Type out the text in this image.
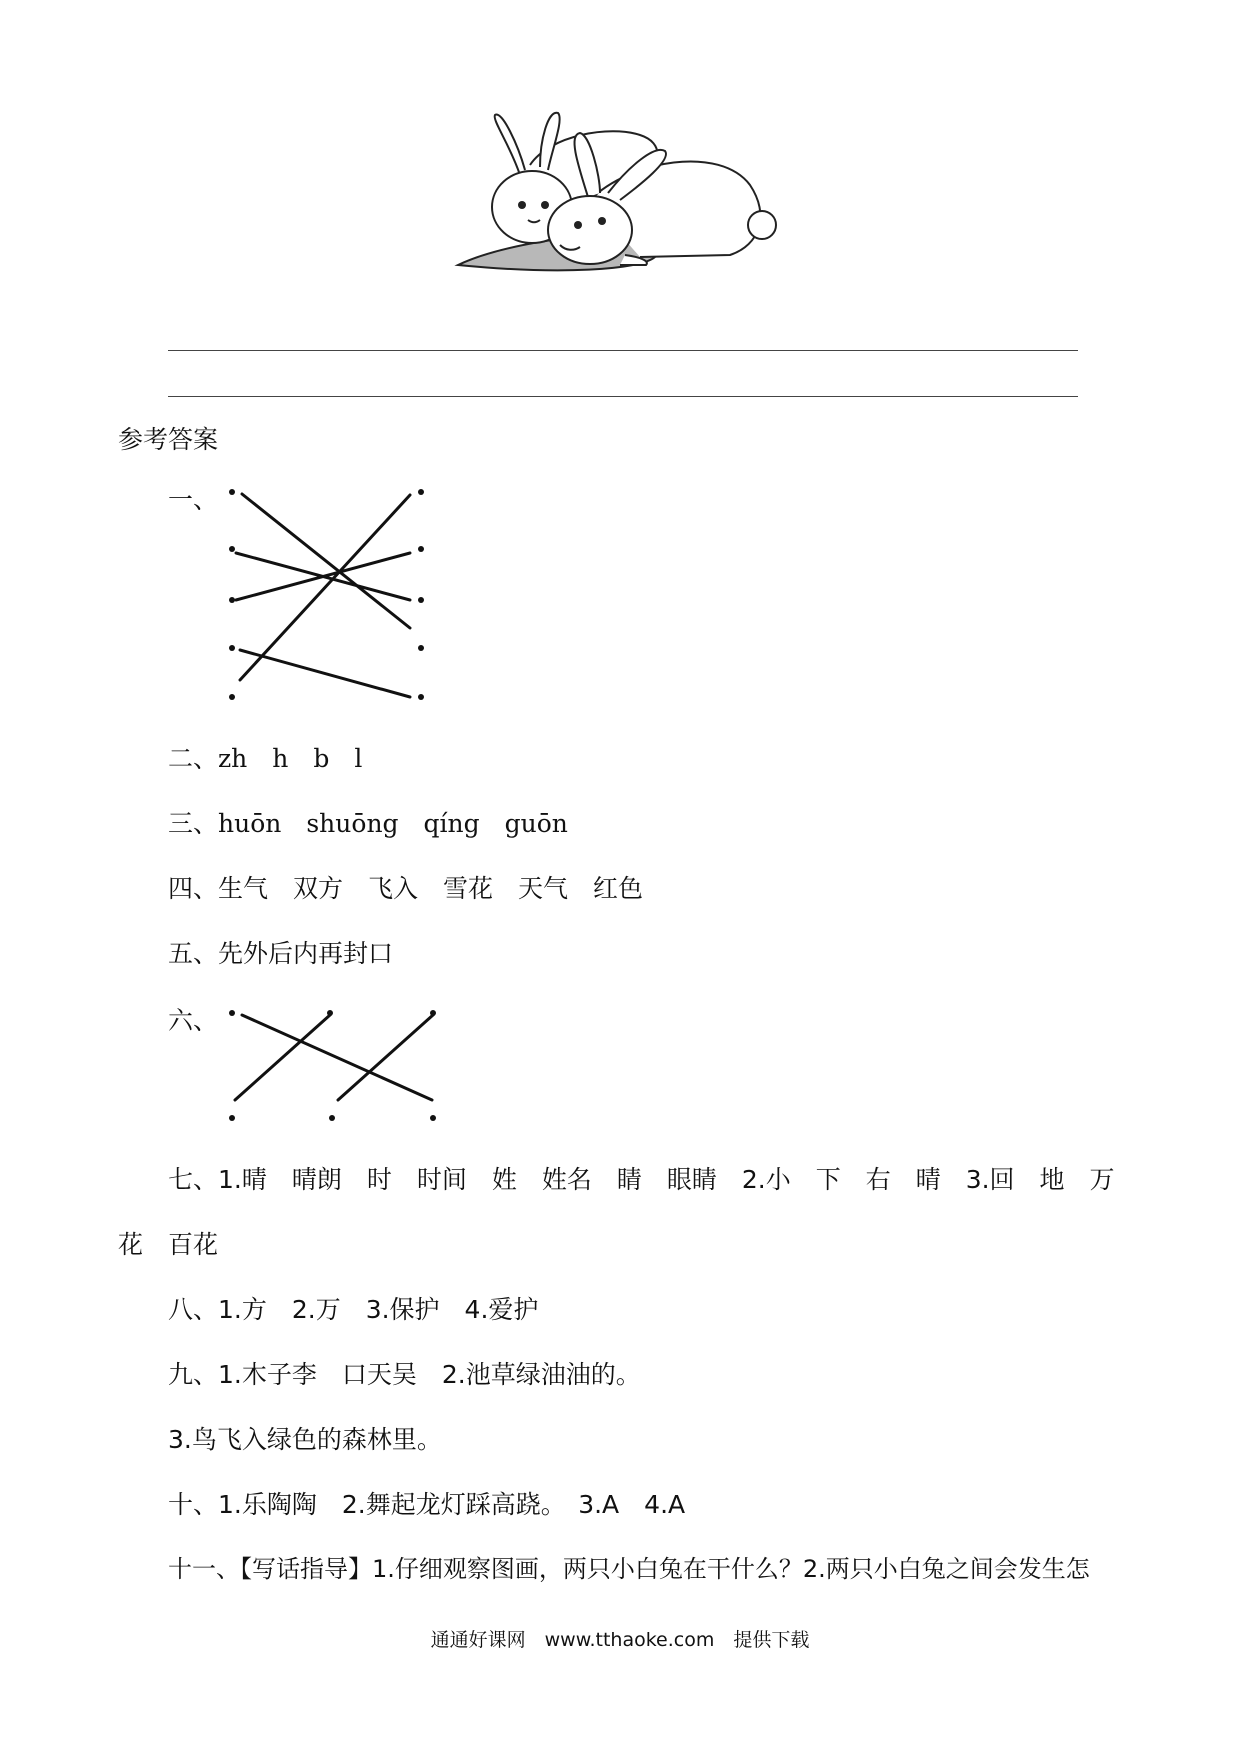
参考答案
一、
二、zh　h　b　l
三、huōn　shuōng　qíng　guōn
四、生气　双方　飞入　雪花　天气　红色
五、先外后内再封口
六、
七、1.晴　晴朗　时　时间　姓　姓名　睛　眼睛　2.小　下　右　晴　3.回　地　万
花　百花
八、1.方　2.万　3.保护　4.爱护
九、1.木子李　口天吴　2.池草绿油油的。
3.鸟飞入绿色的森林里。
十、1.乐陶陶　2.舞起龙灯踩高跷。　3.A　4.A
十一、【写话指导】1.仔细观察图画，两只小白兔在干什么？2.两只小白兔之间会发生怎
通通好课网　www.tthaoke.com　提供下载
